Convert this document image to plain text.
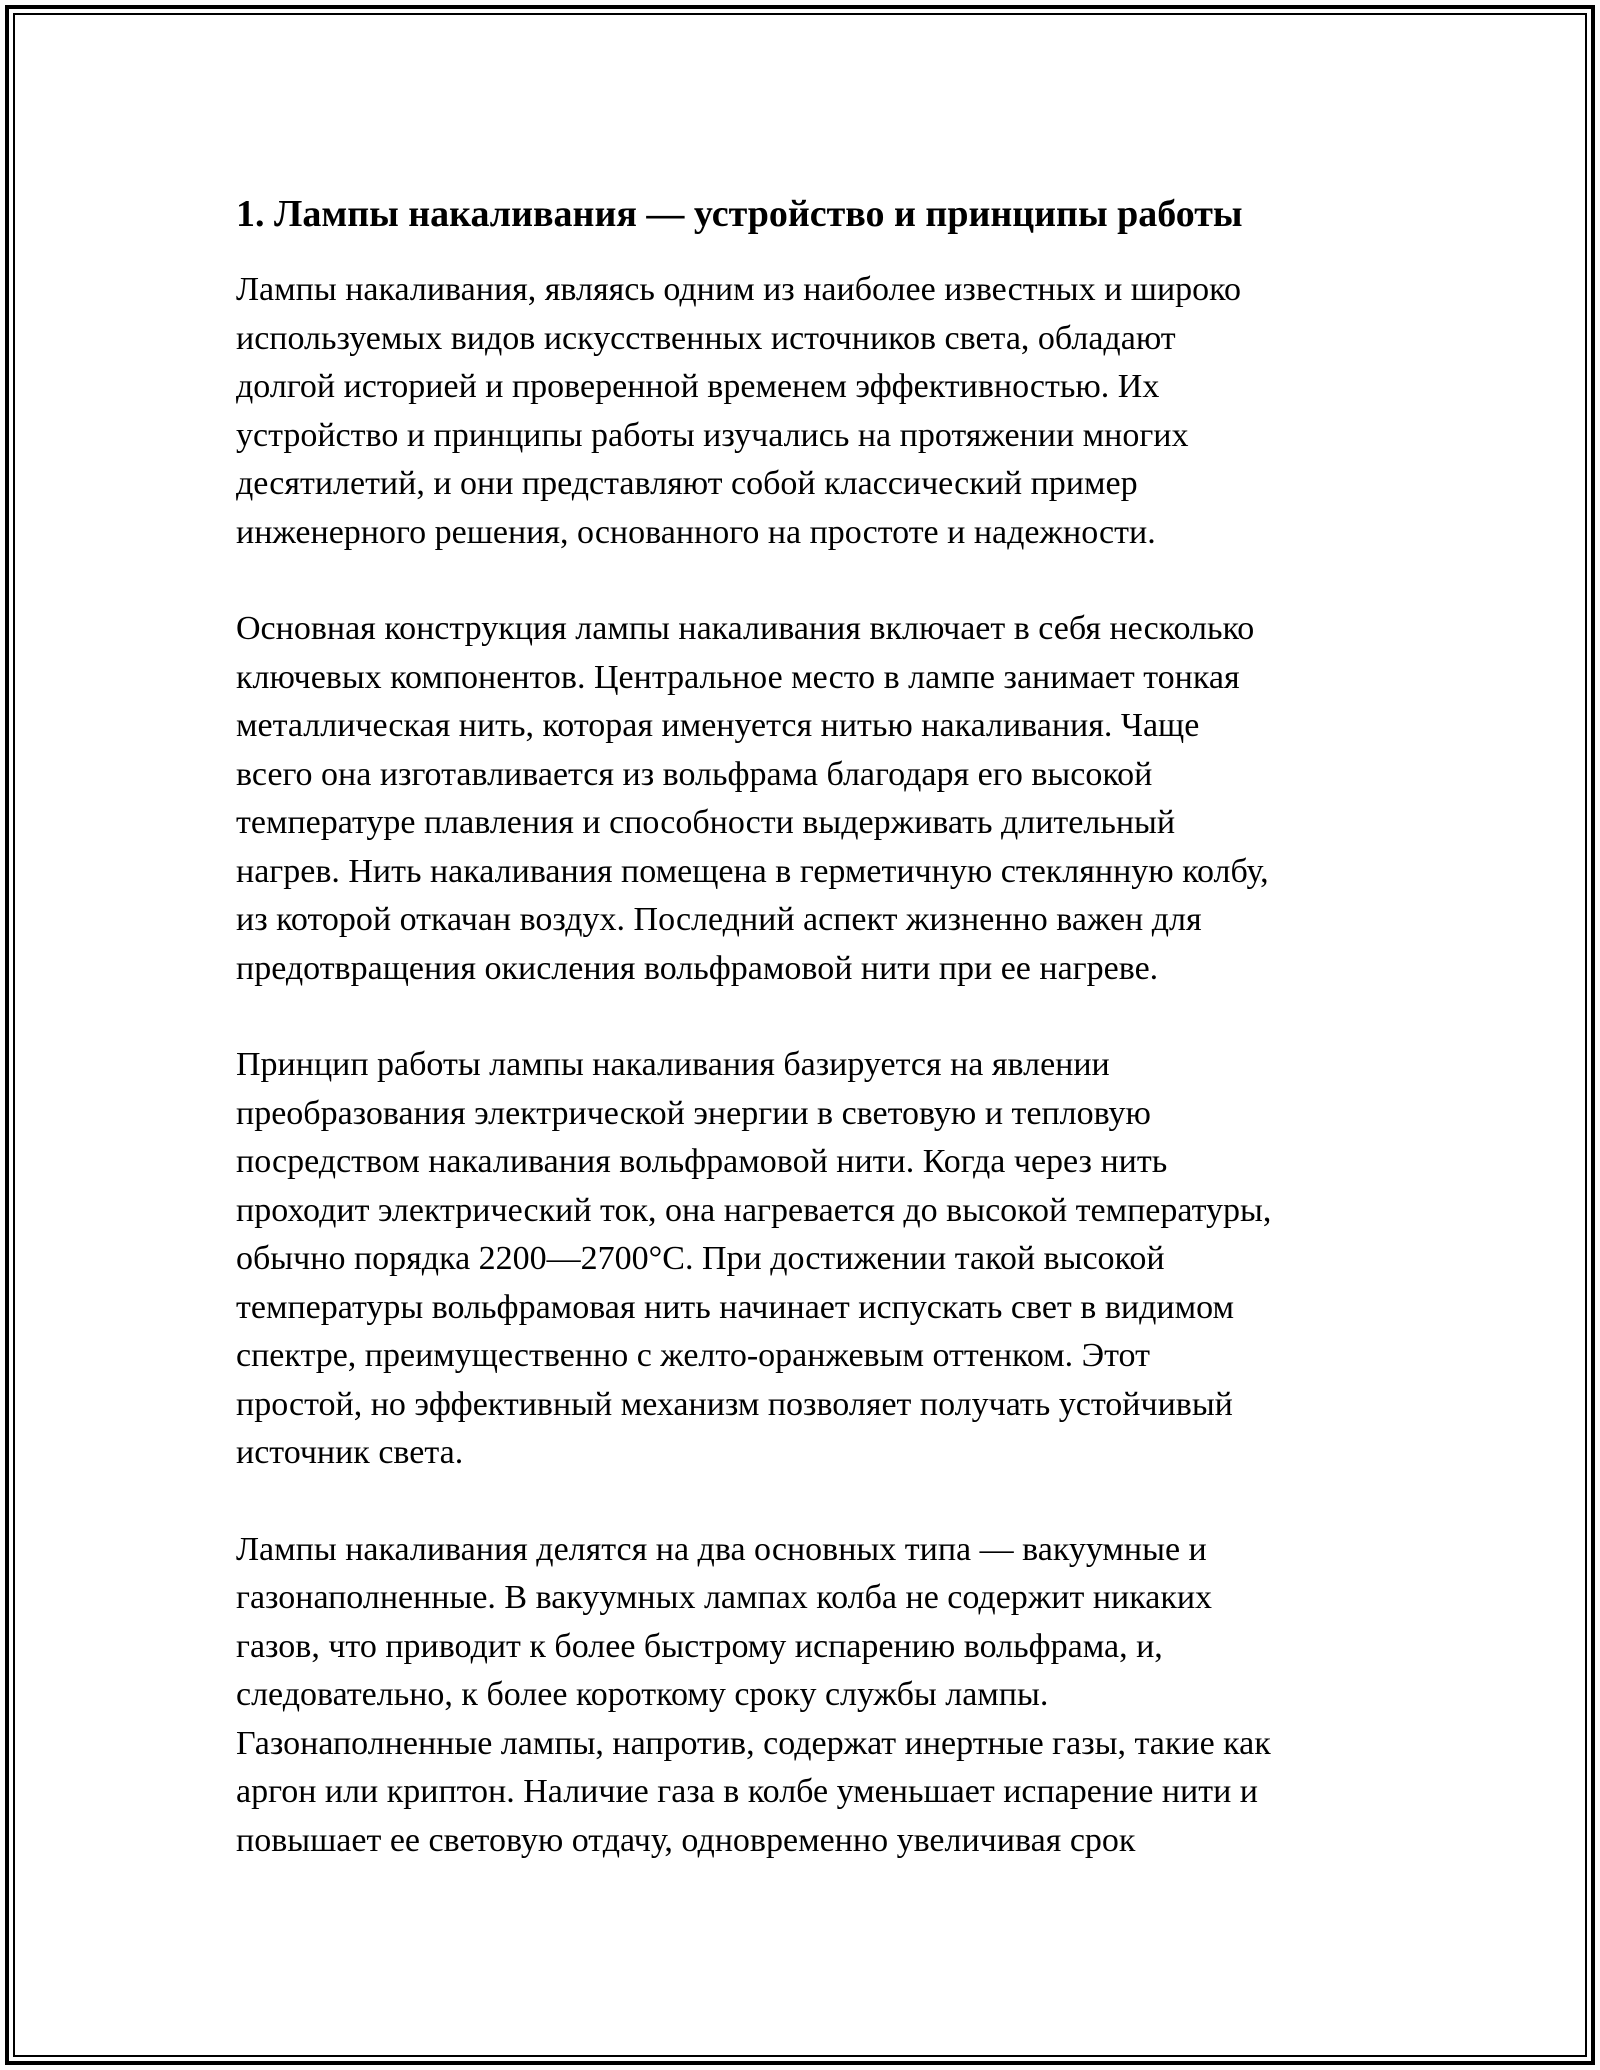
1. Лампы накаливания — устройство и принципы работы

Лампы накаливания, являясь одним из наиболее известных и широко
используемых видов искусственных источников света, обладают
долгой историей и проверенной временем эффективностью. Их
устройство и принципы работы изучались на протяжении многих
десятилетий, и они представляют собой классический пример
инженерного решения, основанного на простоте и надежности.

Основная конструкция лампы накаливания включает в себя несколько
ключевых компонентов. Центральное место в лампе занимает тонкая
металлическая нить, которая именуется нитью накаливания. Чаще
всего она изготавливается из вольфрама благодаря его высокой
температуре плавления и способности выдерживать длительный
нагрев. Нить накаливания помещена в герметичную стеклянную колбу,
из которой откачан воздух. Последний аспект жизненно важен для
предотвращения окисления вольфрамовой нити при ее нагреве.

Принцип работы лампы накаливания базируется на явлении
преобразования электрической энергии в световую и тепловую
посредством накаливания вольфрамовой нити. Когда через нить
проходит электрический ток, она нагревается до высокой температуры,
обычно порядка 2200—2700°C. При достижении такой высокой
температуры вольфрамовая нить начинает испускать свет в видимом
спектре, преимущественно с желто-оранжевым оттенком. Этот
простой, но эффективный механизм позволяет получать устойчивый
источник света.

Лампы накаливания делятся на два основных типа — вакуумные и
газонаполненные. В вакуумных лампах колба не содержит никаких
газов, что приводит к более быстрому испарению вольфрама, и,
следовательно, к более короткому сроку службы лампы.
Газонаполненные лампы, напротив, содержат инертные газы, такие как
аргон или криптон. Наличие газа в колбе уменьшает испарение нити и
повышает ее световую отдачу, одновременно увеличивая срок
